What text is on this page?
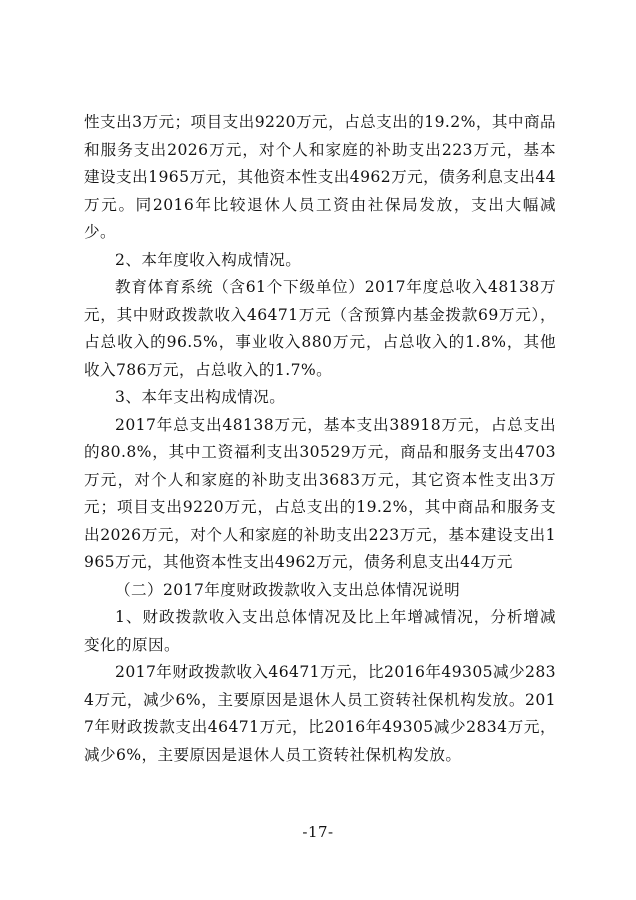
性支出3万元；项目支出9220万元，占总支出的19.2%，其中商品和服务支出2026万元，对个人和家庭的补助支出223万元，基本建设支出1965万元，其他资本性支出4962万元，债务利息支出44万元。同2016年比较退休人员工资由社保局发放，支出大幅减少。

2、本年度收入构成情况。

教育体育系统（含61个下级单位）2017年度总收入48138万元，其中财政拨款收入46471万元（含预算内基金拨款69万元），占总收入的96.5%，事业收入880万元，占总收入的1.8%，其他收入786万元，占总收入的1.7%。

3、本年支出构成情况。

2017年总支出48138万元，基本支出38918万元，占总支出的80.8%，其中工资福利支出30529万元，商品和服务支出4703万元，对个人和家庭的补助支出3683万元，其它资本性支出3万元；项目支出9220万元，占总支出的19.2%，其中商品和服务支出2026万元，对个人和家庭的补助支出223万元，基本建设支出1965万元，其他资本性支出4962万元，债务利息支出44万元

（二）2017年度财政拨款收入支出总体情况说明

1、财政拨款收入支出总体情况及比上年增减情况，分析增减变化的原因。

2017年财政拨款收入46471万元，比2016年49305减少2834万元，减少6%，主要原因是退休人员工资转社保机构发放。2017年财政拨款支出46471万元，比2016年49305减少2834万元，减少6%，主要原因是退休人员工资转社保机构发放。

-17-
